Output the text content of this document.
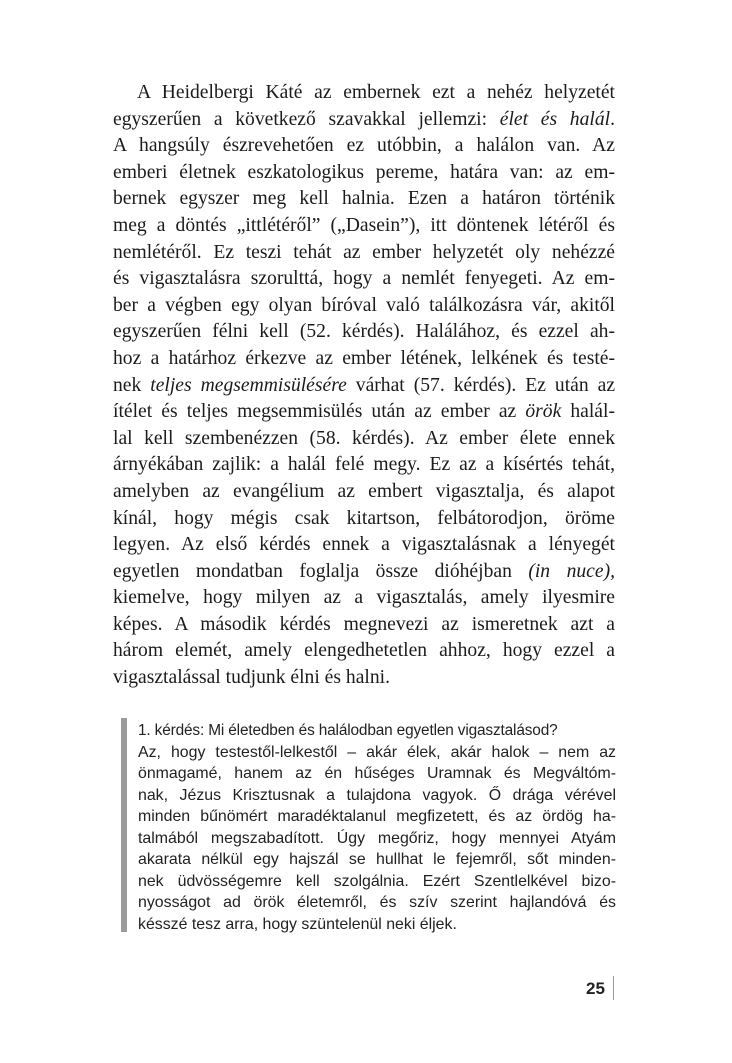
A Heidelbergi Káté az embernek ezt a nehéz helyzetét
egyszerűen a következő szavakkal jellemzi: élet és halál.
A hangsúly észrevehetően ez utóbbin, a halálon van. Az
emberi életnek eszkatologikus pereme, határa van: az em-
bernek egyszer meg kell halnia. Ezen a határon történik
meg a döntés „ittlétéről” („Dasein”), itt döntenek létéről és
nemlétéről. Ez teszi tehát az ember helyzetét oly nehézzé
és vigasztalásra szorulttá, hogy a nemlét fenyegeti. Az em-
ber a végben egy olyan bíróval való találkozásra vár, akitől
egyszerűen félni kell (52. kérdés). Halálához, és ezzel ah-
hoz a határhoz érkezve az ember létének, lelkének és testé-
nek teljes megsemmisülésére várhat (57. kérdés). Ez után az
ítélet és teljes megsemmisülés után az ember az örök halál-
lal kell szembenézzen (58. kérdés). Az ember élete ennek
árnyékában zajlik: a halál felé megy. Ez az a kísértés tehát,
amelyben az evangélium az embert vigasztalja, és alapot
kínál, hogy mégis csak kitartson, felbátorodjon, öröme
legyen. Az első kérdés ennek a vigasztalásnak a lényegét
egyetlen mondatban foglalja össze dióhéjban (in nuce),
kiemelve, hogy milyen az a vigasztalás, amely ilyesmire
képes. A második kérdés megnevezi az ismeretnek azt a
három elemét, amely elengedhetetlen ahhoz, hogy ezzel a
vigasztalással tudjunk élni és halni.
1. kérdés: Mi életedben és halálodban egyetlen vigasztalásod?
Az, hogy testestől-lelkestől – akár élek, akár halok – nem az
önmagamé, hanem az én hűséges Uramnak és Megváltóm-
nak, Jézus Krisztusnak a tulajdona vagyok. Ő drága vérével
minden bűnömért maradéktalanul megfizetett, és az ördög ha-
talmából megszabadított. Úgy megőriz, hogy mennyei Atyám
akarata nélkül egy hajszál se hullhat le fejemről, sőt minden-
nek üdvösségemre kell szolgálnia. Ezért Szentlelkével bizo-
nyosságot ad örök életemről, és szív szerint hajlandóvá és
késszé tesz arra, hogy szüntelenül neki éljek.
25
